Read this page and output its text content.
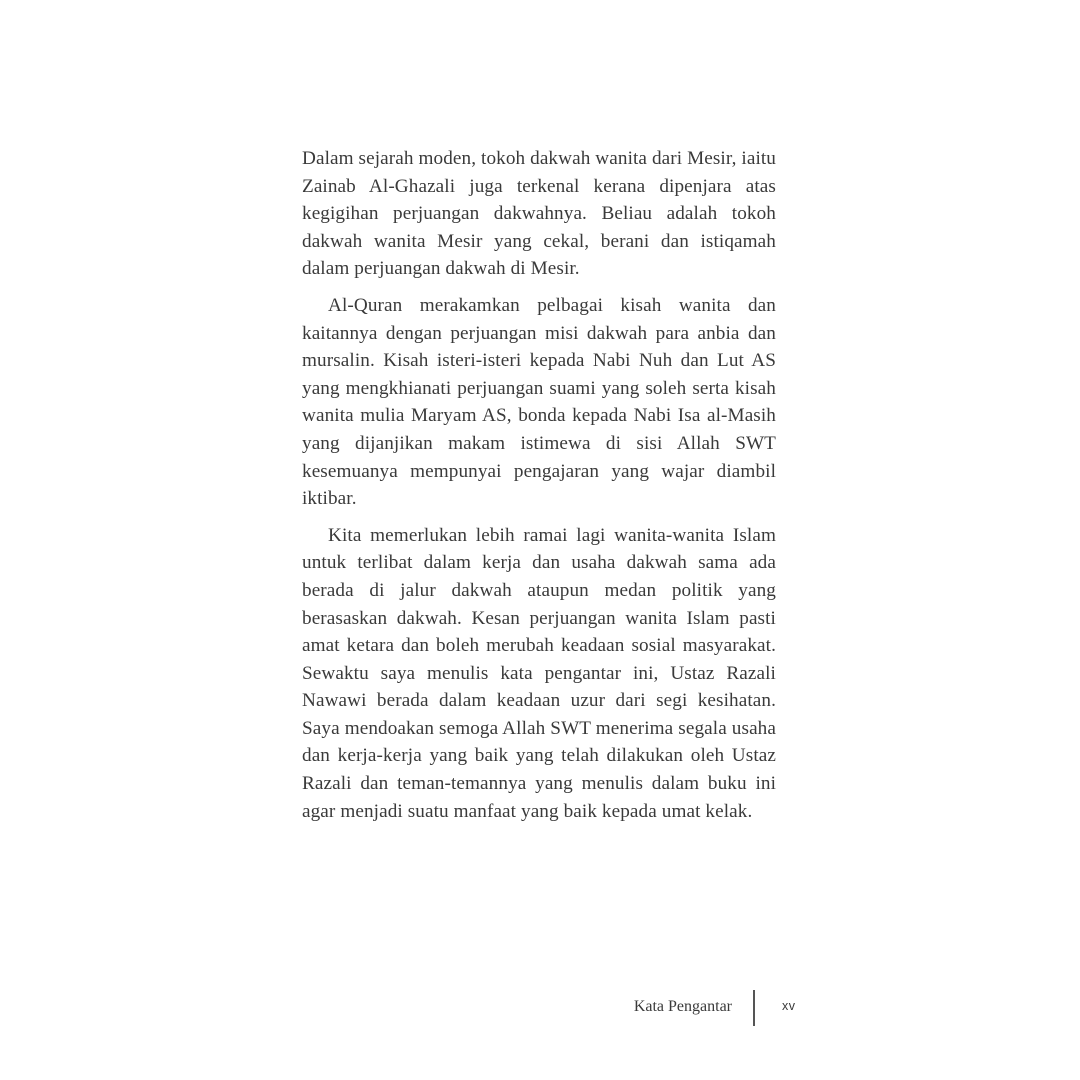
Dalam sejarah moden, tokoh dakwah wanita dari Mesir, iaitu Zainab Al-Ghazali juga terkenal kerana dipenjara atas kegigihan perjuangan dakwahnya. Beliau adalah tokoh dakwah wanita Mesir yang cekal, berani dan istiqamah dalam perjuangan dakwah di Mesir.

Al-Quran merakamkan pelbagai kisah wanita dan kaitannya dengan perjuangan misi dakwah para anbia dan mursalin. Kisah isteri-isteri kepada Nabi Nuh dan Lut AS yang mengkhianati perjuangan suami yang soleh serta kisah wanita mulia Maryam AS, bonda kepada Nabi Isa al-Masih yang dijanjikan makam istimewa di sisi Allah SWT kesemuanya mempunyai pengajaran yang wajar diambil iktibar.

Kita memerlukan lebih ramai lagi wanita-wanita Islam untuk terlibat dalam kerja dan usaha dakwah sama ada berada di jalur dakwah ataupun medan politik yang berasaskan dakwah. Kesan perjuangan wanita Islam pasti amat ketara dan boleh merubah keadaan sosial masyarakat. Sewaktu saya menulis kata pengantar ini, Ustaz Razali Nawawi berada dalam keadaan uzur dari segi kesihatan. Saya mendoakan semoga Allah SWT menerima segala usaha dan kerja-kerja yang baik yang telah dilakukan oleh Ustaz Razali dan teman-temannya yang menulis dalam buku ini agar menjadi suatu manfaat yang baik kepada umat kelak.

Kata Pengantar	xv
